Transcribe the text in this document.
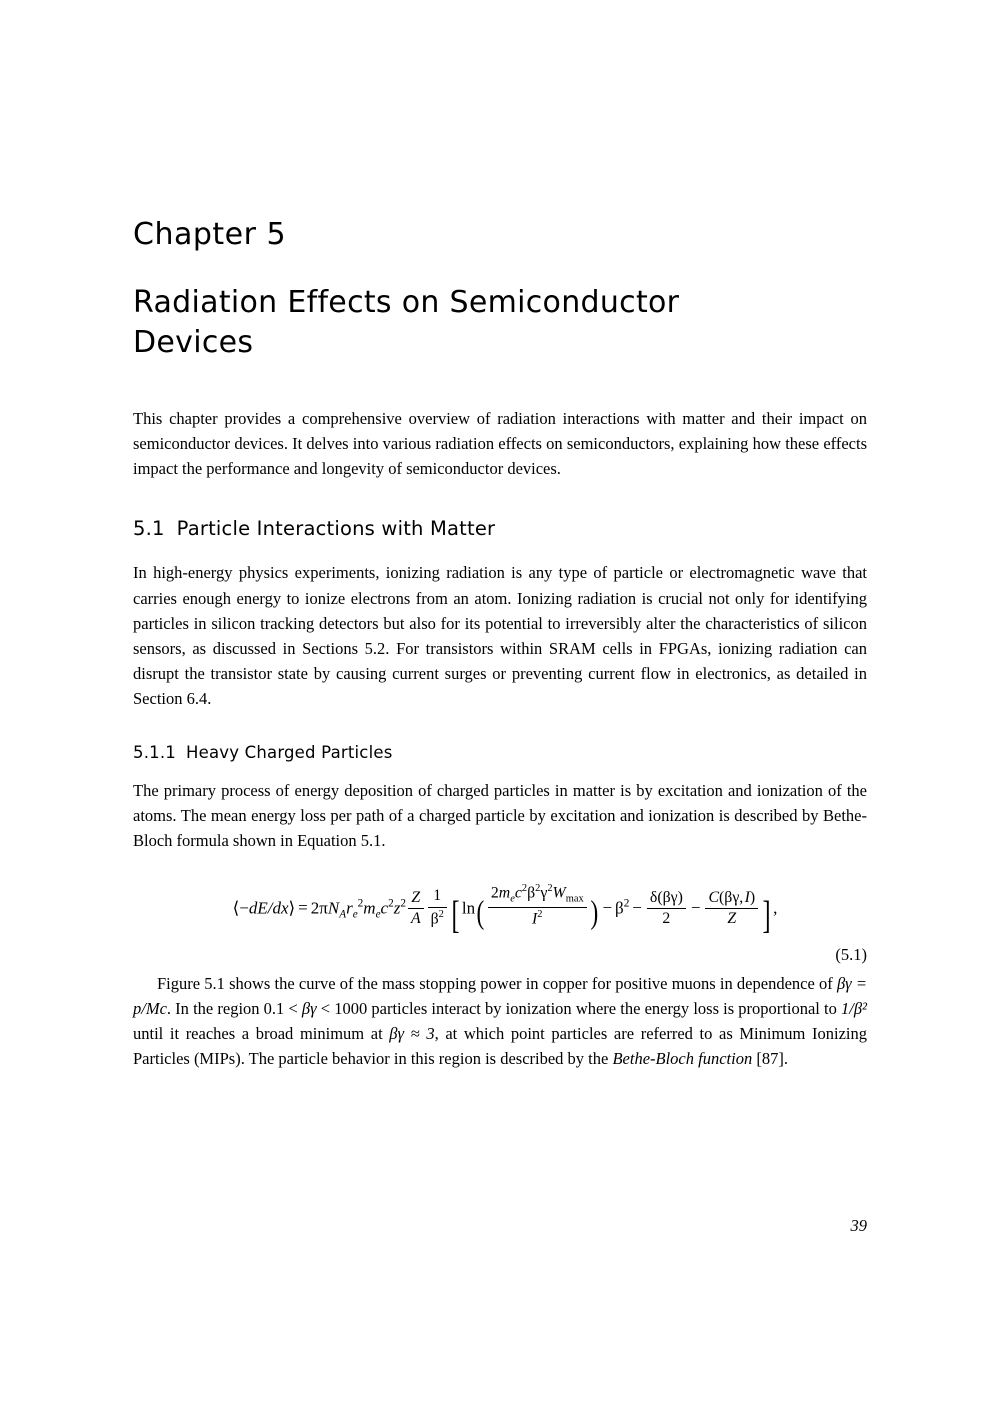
Chapter 5
Radiation Effects on Semiconductor Devices

This chapter provides a comprehensive overview of radiation interactions with matter and their impact on semiconductor devices. It delves into various radiation effects on semiconductors, explaining how these effects impact the performance and longevity of semiconductor devices.

5.1 Particle Interactions with Matter

In high-energy physics experiments, ionizing radiation is any type of particle or electromagnetic wave that carries enough energy to ionize electrons from an atom. Ionizing radiation is crucial not only for identifying particles in silicon tracking detectors but also for its potential to irreversibly alter the characteristics of silicon sensors, as discussed in Sections 5.2. For transistors within SRAM cells in FPGAs, ionizing radiation can disrupt the transistor state by causing current surges or preventing current flow in electronics, as detailed in Section 6.4.

5.1.1 Heavy Charged Particles

The primary process of energy deposition of charged particles in matter is by excitation and ionization of the atoms. The mean energy loss per path of a charged particle by excitation and ionization is described by Bethe-Bloch formula shown in Equation 5.1.

⟨−dE/dx⟩ = $2\pi N_Ar_e^2m_ec^2z^2 \frac{Z}{A} \frac{1}{\beta^2}$ [ $\ln( \frac{2m_ec^2\beta^2\gamma^2W_{max}}{I^2}$ ) − $\beta^2 - \frac{\delta(\beta\gamma)}{2} - \frac{C(\beta\gamma, I)}{Z}$ ] ,
(5.1)

Figure 5.1 shows the curve of the mass stopping power in copper for positive muons in dependence of βγ = p/Mc. In the region 0.1 < βγ < 1000 particles interact by ionization where the energy loss is proportional to 1/β² until it reaches a broad minimum at βγ ≈ 3, at which point particles are referred to as Minimum Ionizing Particles (MIPs). The particle behavior in this region is described by the Bethe-Bloch function [87].

39
